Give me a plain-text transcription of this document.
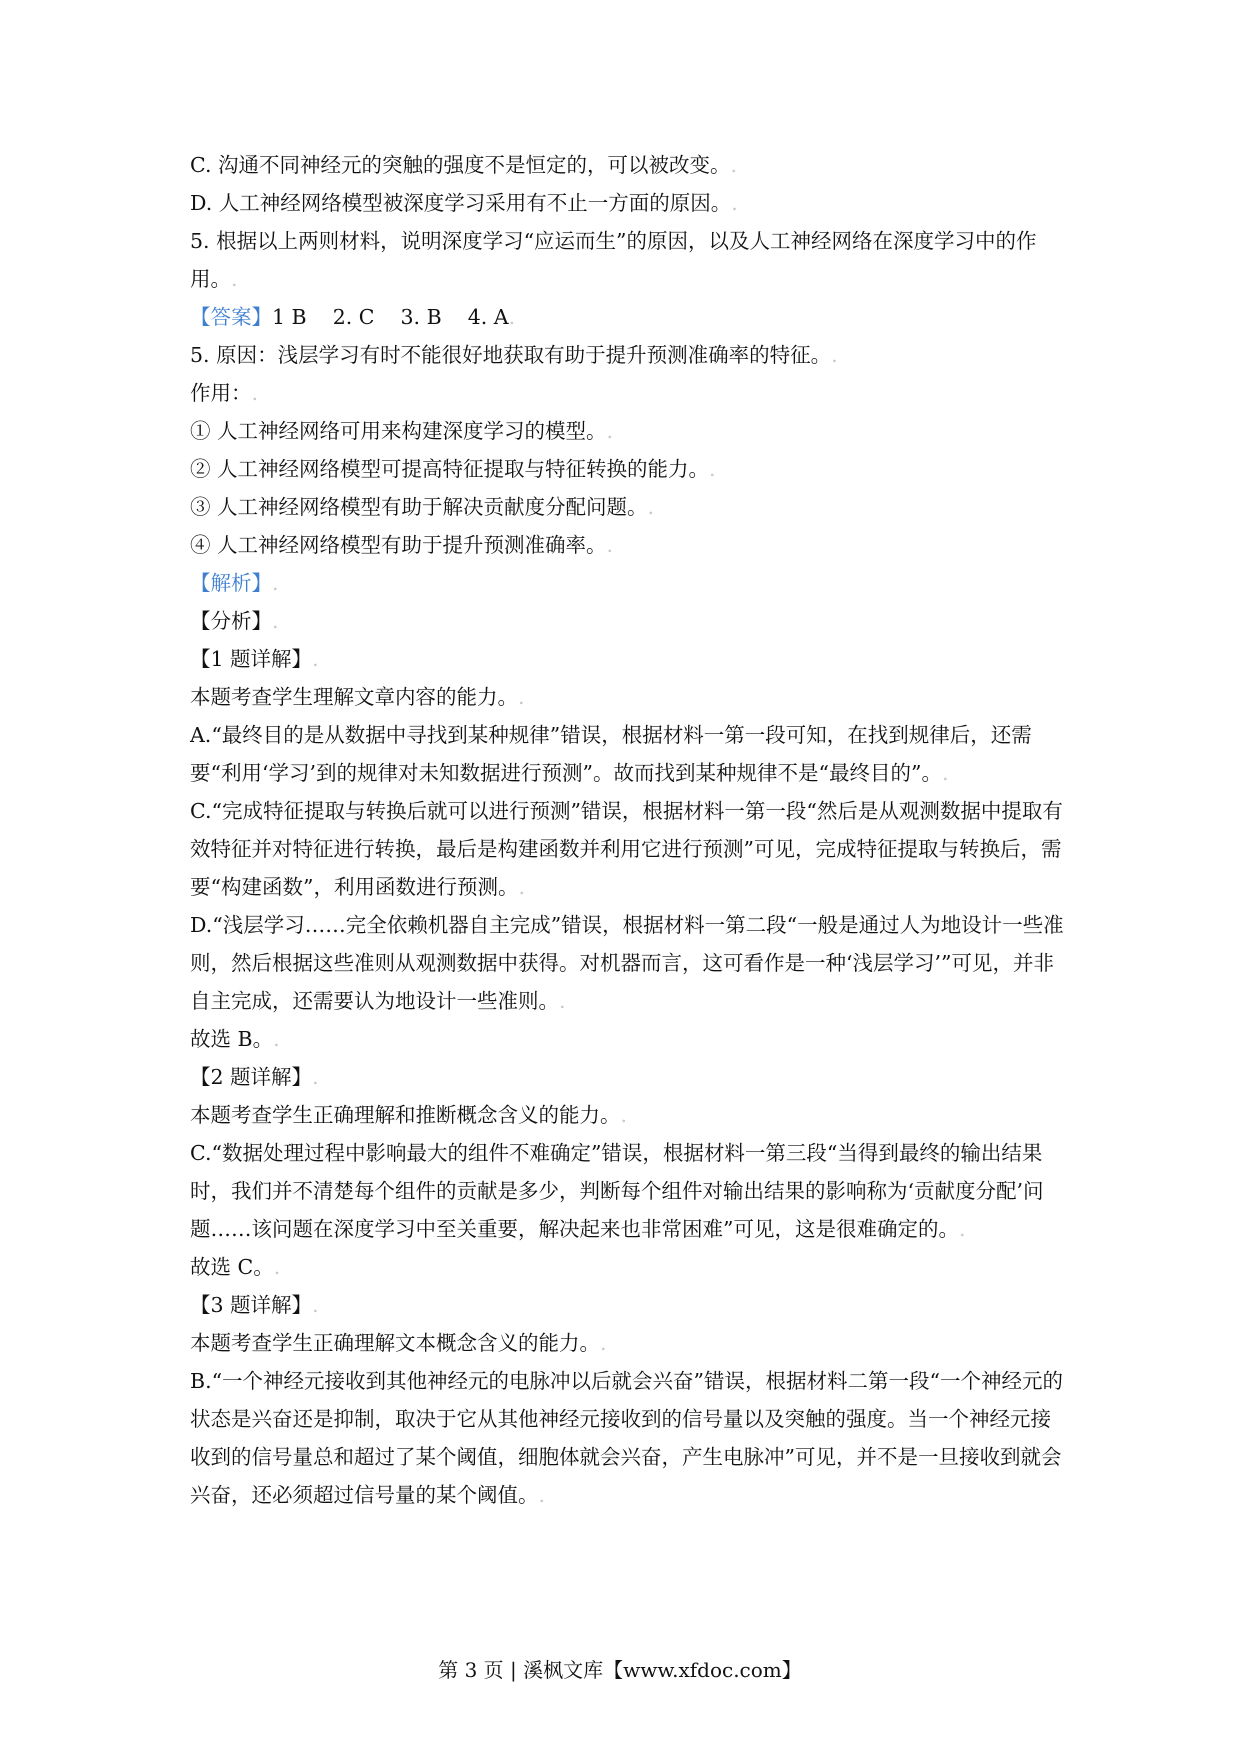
C. 沟通不同神经元的突触的强度不是恒定的，可以被改变。.

D. 人工神经网络模型被深度学习采用有不止一方面的原因。.

5. 根据以上两则材料，说明深度学习“应运而生”的原因，以及人工神经网络在深度学习中的作用。.

【答案】1 B    2. C    3. B    4. A.

5. 原因：浅层学习有时不能很好地获取有助于提升预测准确率的特征。.

作用：.

① 人工神经网络可用来构建深度学习的模型。.

② 人工神经网络模型可提高特征提取与特征转换的能力。.

③ 人工神经网络模型有助于解决贡献度分配问题。.

④ 人工神经网络模型有助于提升预测准确率。.

【解析】.

【分析】.

【1 题详解】.

本题考查学生理解文章内容的能力。.

A.“最终目的是从数据中寻找到某种规律”错误，根据材料一第一段可知，在找到规律后，还需要“利用‘学习’到的规律对未知数据进行预测”。故而找到某种规律不是“最终目的”。.

C.“完成特征提取与转换后就可以进行预测”错误，根据材料一第一段“然后是从观测数据中提取有效特征并对特征进行转换，最后是构建函数并利用它进行预测”可见，完成特征提取与转换后，需要“构建函数”，利用函数进行预测。.

D.“浅层学习……完全依赖机器自主完成”错误，根据材料一第二段“一般是通过人为地设计一些准则，然后根据这些准则从观测数据中获得。对机器而言，这可看作是一种‘浅层学习’”可见，并非自主完成，还需要认为地设计一些准则。.

故选 B。.

【2 题详解】.

本题考查学生正确理解和推断概念含义的能力。.

C.“数据处理过程中影响最大的组件不难确定”错误，根据材料一第三段“当得到最终的输出结果时，我们并不清楚每个组件的贡献是多少，判断每个组件对输出结果的影响称为‘贡献度分配’问题……该问题在深度学习中至关重要，解决起来也非常困难”可见，这是很难确定的。.

故选 C。.

【3 题详解】.

本题考查学生正确理解文本概念含义的能力。.

B.“一个神经元接收到其他神经元的电脉冲以后就会兴奋”错误，根据材料二第一段“一个神经元的状态是兴奋还是抑制，取决于它从其他神经元接收到的信号量以及突触的强度。当一个神经元接收到的信号量总和超过了某个阈值，细胞体就会兴奋，产生电脉冲”可见，并不是一旦接收到就会兴奋，还必须超过信号量的某个阈值。.

第 3 页 | 溪枫文库【www.xfdoc.com】
